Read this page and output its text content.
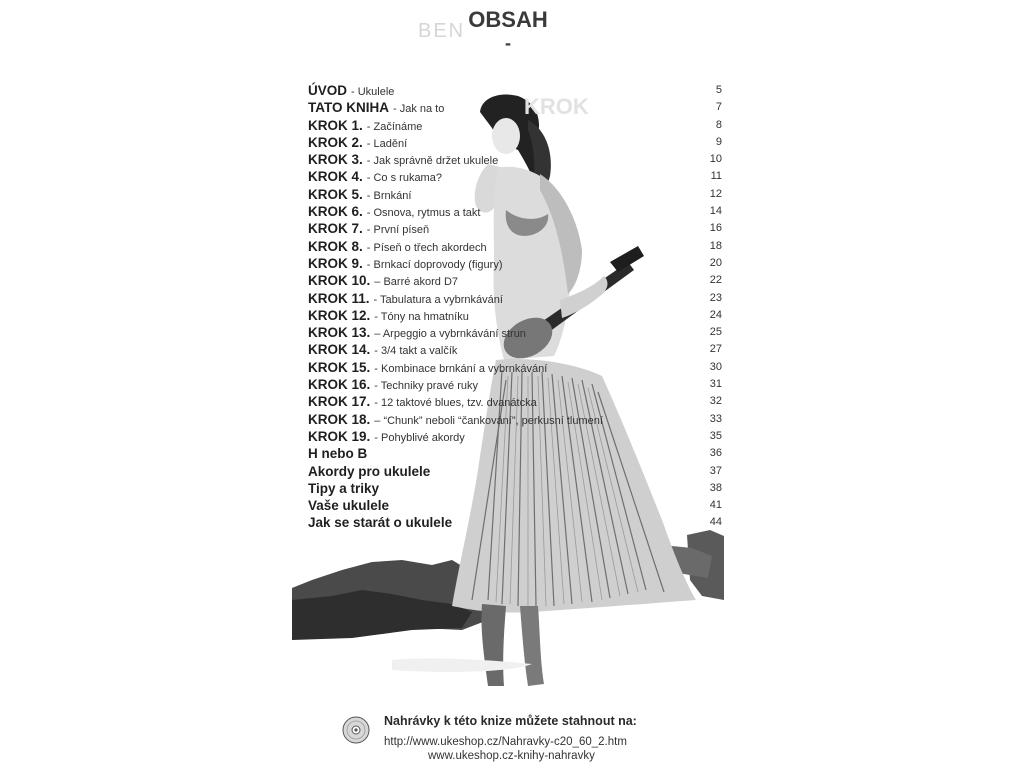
BEN
KROK
OBSAH
-
ÚVOD - Ukulele	5
TATO KNIHA - Jak na to	7
KROK 1. - Začínáme	8
KROK 2. - Ladění	9
KROK 3. - Jak správně držet ukulele	10
KROK 4. - Co s rukama?	11
KROK 5. - Brnkání	12
KROK 6. - Osnova, rytmus a takt	14
KROK 7. - První píseň	16
KROK 8. - Píseň o třech akordech	18
KROK 9. - Brnkací doprovody (figury)	20
KROK 10. – Barré akord D7	22
KROK 11. - Tabulatura a vybrnkávání	23
KROK 12. - Tóny na hmatníku	24
KROK 13. – Arpeggio a vybrnkávání strun	25
KROK 14. - 3/4 takt a valčík	27
KROK 15. - Kombinace brnkání a vybrnkávání	30
KROK 16. - Techniky pravé ruky	31
KROK 17. - 12 taktové blues, tzv. dvanátcka	32
KROK 18. – “Chunk” neboli “čankování”, perkusní tlumení	33
KROK 19. - Pohyblivé akordy	35
H nebo B	36
Akordy pro ukulele	37
Tipy a triky	38
Vaše ukulele	41
Jak se starát o ukulele	44
Nahrávky k této knize můžete stahnout na:
http://www.ukeshop.cz/Nahravky-c20_60_2.htm
www.ukeshop.cz-knihy-nahravky
